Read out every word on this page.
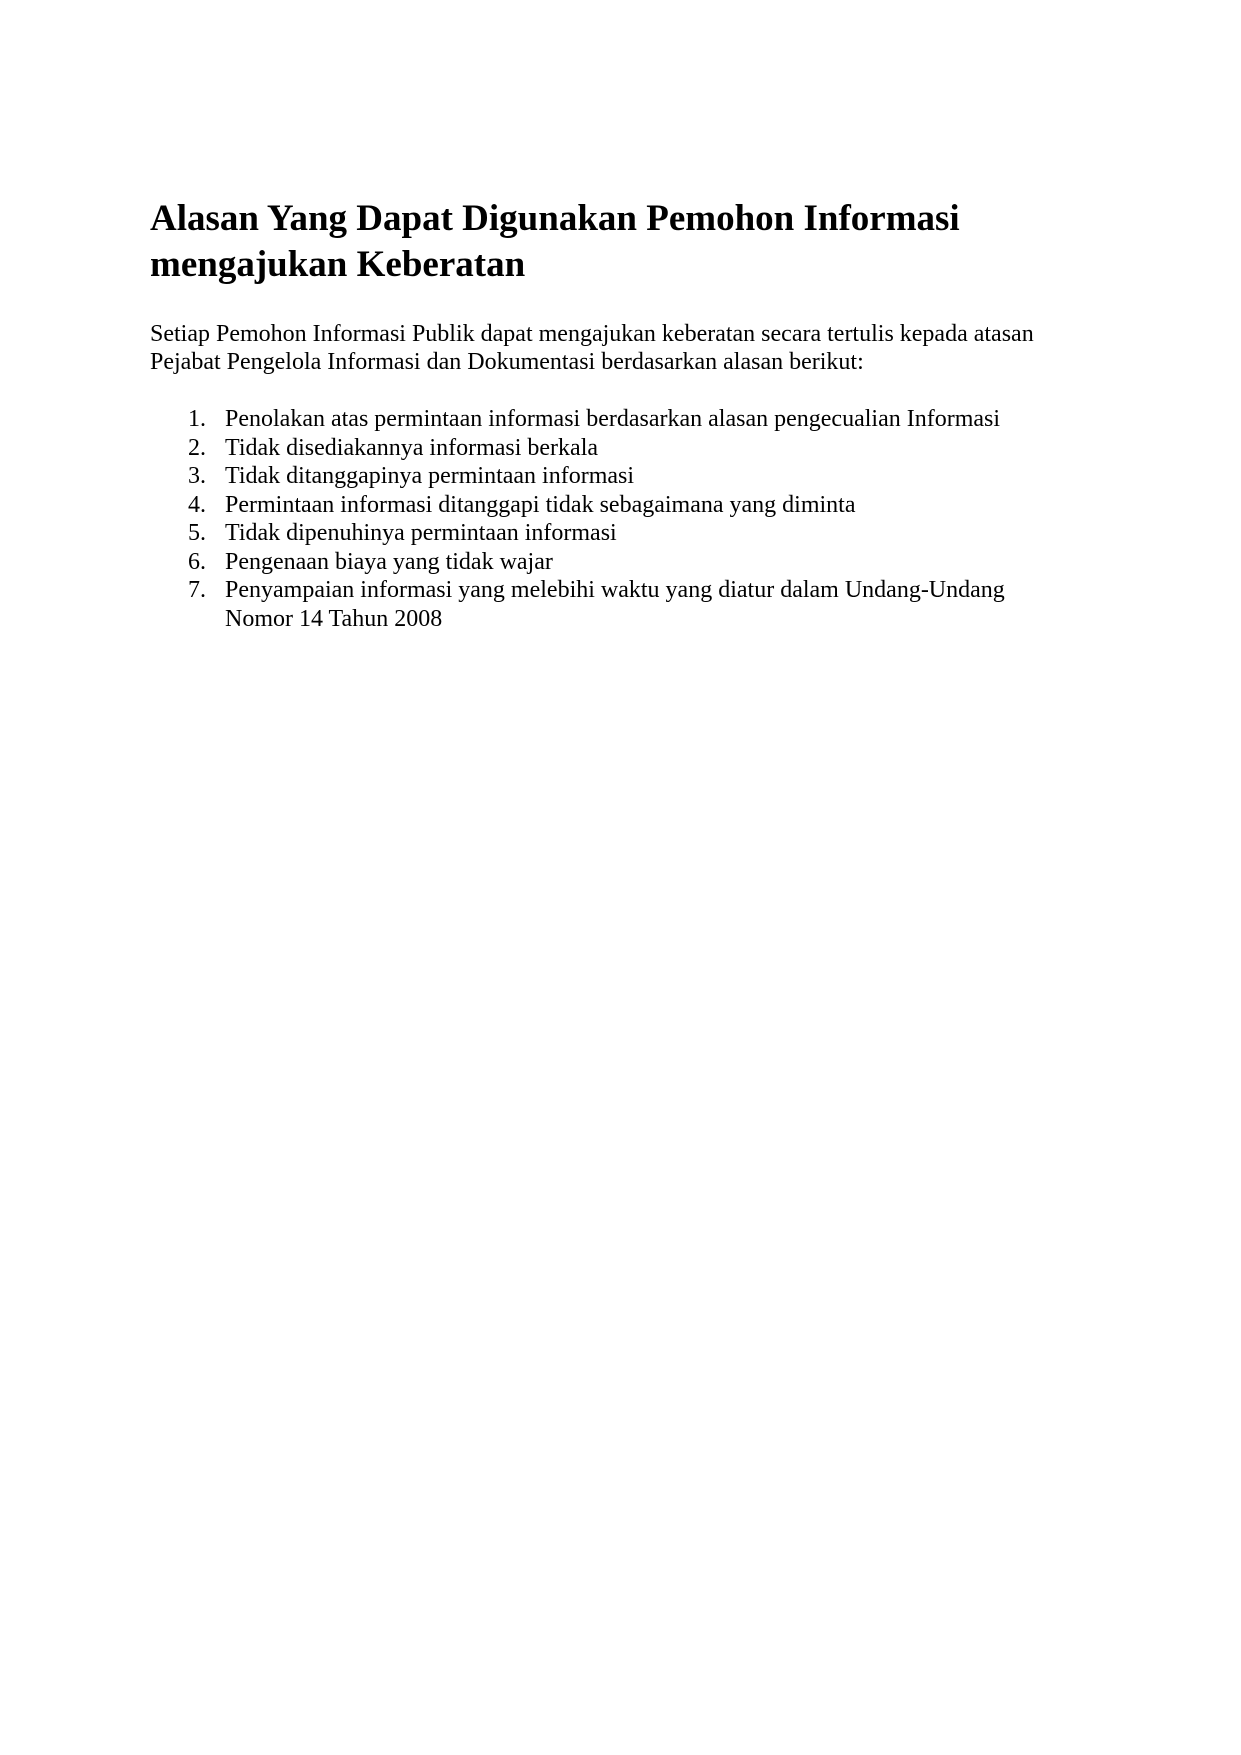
Alasan Yang Dapat Digunakan Pemohon Informasi
mengajukan Keberatan

Setiap Pemohon Informasi Publik dapat mengajukan keberatan secara tertulis kepada atasan
Pejabat Pengelola Informasi dan Dokumentasi berdasarkan alasan berikut:

1. Penolakan atas permintaan informasi berdasarkan alasan pengecualian Informasi
2. Tidak disediakannya informasi berkala
3. Tidak ditanggapinya permintaan informasi
4. Permintaan informasi ditanggapi tidak sebagaimana yang diminta
5. Tidak dipenuhinya permintaan informasi
6. Pengenaan biaya yang tidak wajar
7. Penyampaian informasi yang melebihi waktu yang diatur dalam Undang-Undang
Nomor 14 Tahun 2008
